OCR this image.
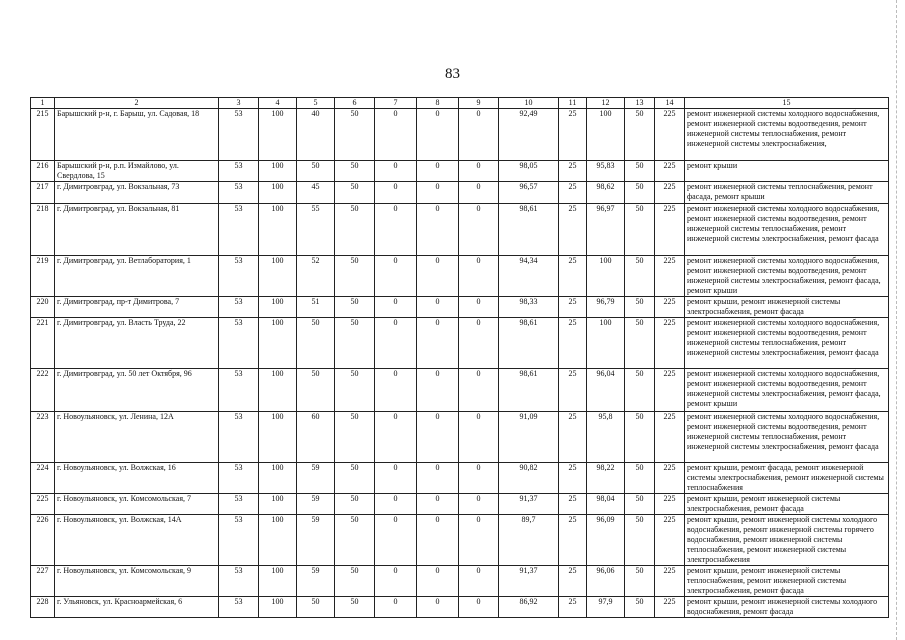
83
1	2	3	4	5	6	7	8	9	10	11	12	13	14	15
215	Барышский р-н, г. Барыш, ул. Садовая, 18	53	100	40	50	0	0	0	92,49	25	100	50	225	ремонт инженерной системы холодного водоснабжения, ремонт инженерной системы водоотведения, ремонт инженерной системы теплоснабжения, ремонт инженерной системы электроснабжения,
216	Барышский р-н, р.п. Измайлово, ул. Свердлова, 15	53	100	50	50	0	0	0	98,05	25	95,83	50	225	ремонт крыши
217	г. Димитровград, ул. Вокзальная, 73	53	100	45	50	0	0	0	96,57	25	98,62	50	225	ремонт инженерной системы теплоснабжения, ремонт фасада, ремонт крыши
218	г. Димитровград, ул. Вокзальная, 81	53	100	55	50	0	0	0	98,61	25	96,97	50	225	ремонт инженерной системы холодного водоснабжения, ремонт инженерной системы водоотведения, ремонт инженерной системы теплоснабжения, ремонт инженерной системы электроснабжения, ремонт фасада
219	г. Димитровград, ул. Ветлаборатория, 1	53	100	52	50	0	0	0	94,34	25	100	50	225	ремонт инженерной системы холодного водоснабжения, ремонт инженерной системы водоотведения, ремонт инженерной системы электроснабжения, ремонт фасада, ремонт крыши
220	г. Димитровград, пр-т Димитрова, 7	53	100	51	50	0	0	0	98,33	25	96,79	50	225	ремонт крыши, ремонт инженерной системы электроснабжения, ремонт фасада
221	г. Димитровград, ул. Власть Труда, 22	53	100	50	50	0	0	0	98,61	25	100	50	225	ремонт инженерной системы холодного водоснабжения, ремонт инженерной системы водоотведения, ремонт инженерной системы теплоснабжения, ремонт инженерной системы электроснабжения, ремонт фасада
222	г. Димитровград, ул. 50 лет Октября, 96	53	100	50	50	0	0	0	98,61	25	96,04	50	225	ремонт инженерной системы холодного водоснабжения, ремонт инженерной системы водоотведения, ремонт инженерной системы электроснабжения, ремонт фасада, ремонт крыши
223	г. Новоульяновск, ул. Ленина, 12А	53	100	60	50	0	0	0	91,09	25	95,8	50	225	ремонт инженерной системы холодного водоснабжения, ремонт инженерной системы водоотведения, ремонт инженерной системы теплоснабжения, ремонт инженерной системы электроснабжения, ремонт фасада
224	г. Новоульяновск, ул. Волжская, 16	53	100	59	50	0	0	0	90,82	25	98,22	50	225	ремонт крыши, ремонт фасада, ремонт инженерной системы электроснабжения, ремонт инженерной системы теплоснабжения
225	г. Новоульяновск, ул. Комсомольская, 7	53	100	59	50	0	0	0	91,37	25	98,04	50	225	ремонт крыши, ремонт инженерной системы электроснабжения, ремонт фасада
226	г. Новоульяновск, ул. Волжская, 14А	53	100	59	50	0	0	0	89,7	25	96,09	50	225	ремонт крыши, ремонт инженерной системы холодного водоснабжения, ремонт инженерной системы горячего водоснабжения, ремонт инженерной системы теплоснабжения, ремонт инженерной системы электроснабжения
227	г. Новоульяновск, ул. Комсомольская, 9	53	100	59	50	0	0	0	91,37	25	96,06	50	225	ремонт крыши, ремонт инженерной системы теплоснабжения, ремонт инженерной системы электроснабжения, ремонт фасада
228	г. Ульяновск, ул. Красноармейская, 6	53	100	50	50	0	0	0	86,92	25	97,9	50	225	ремонт крыши, ремонт инженерной системы холодного водоснабжения, ремонт фасада
